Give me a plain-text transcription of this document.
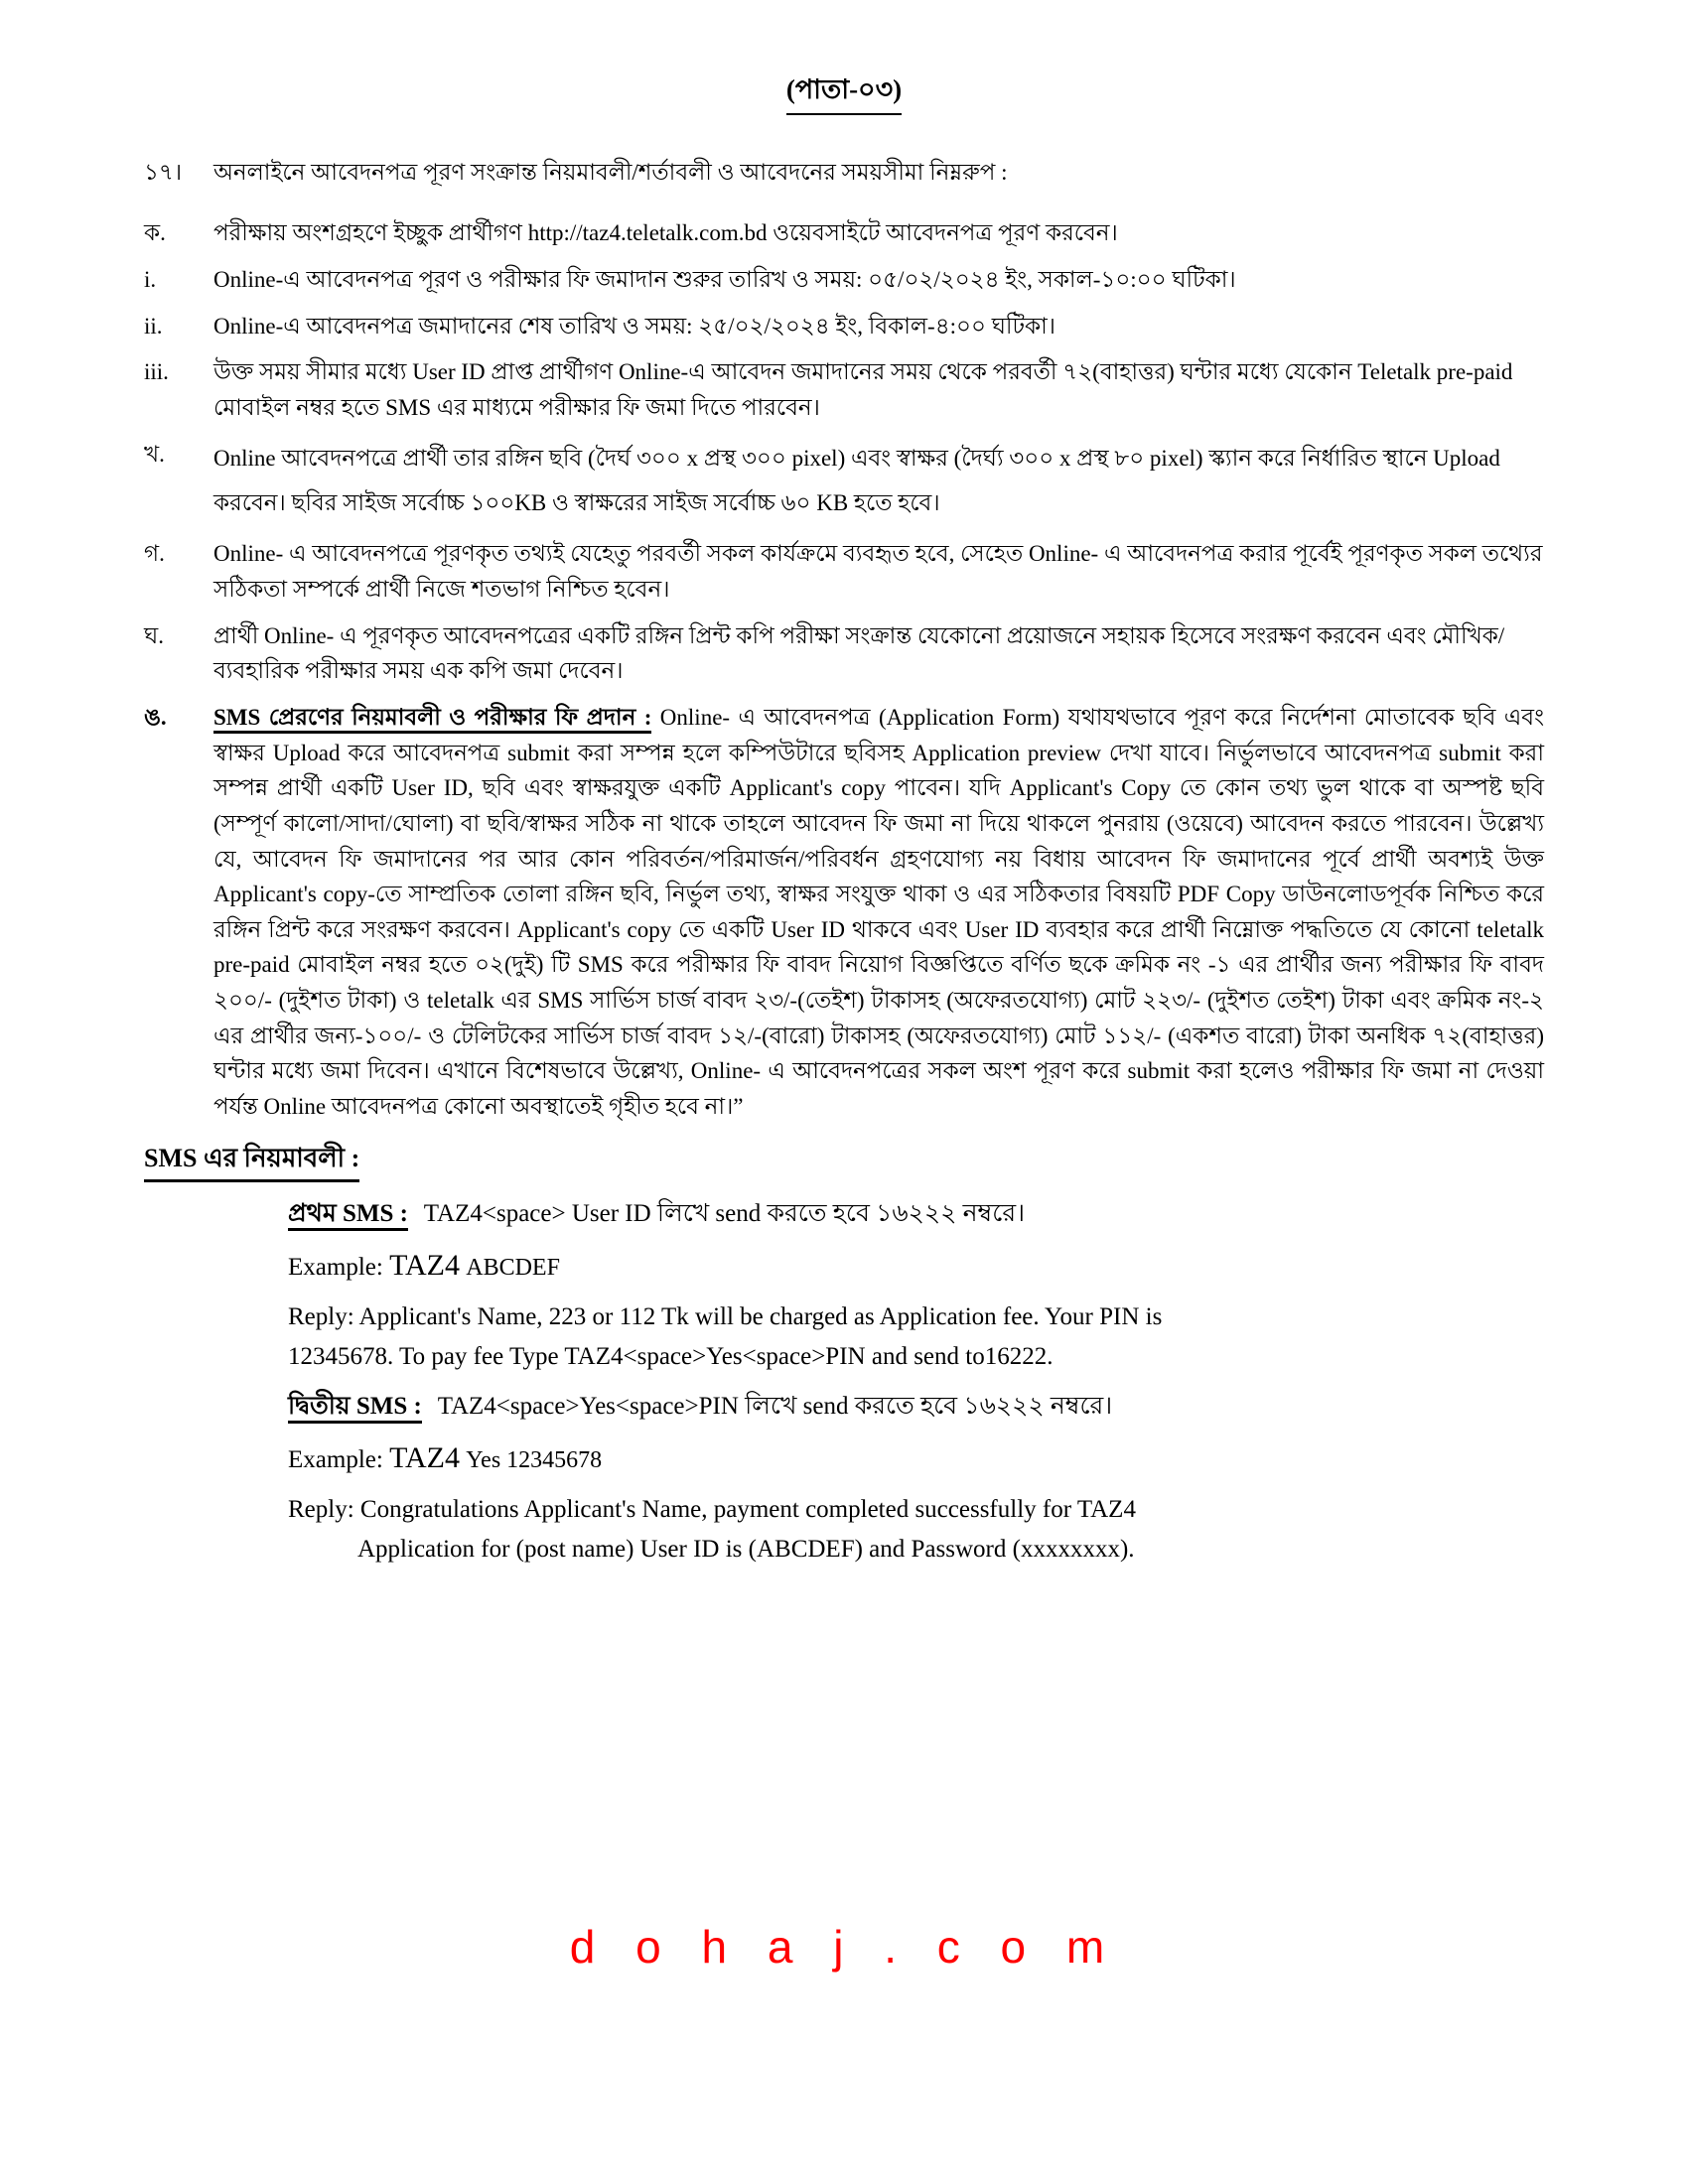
(পাতা-০৩)
১৭।	অনলাইনে আবেদনপত্র পূরণ সংক্রান্ত নিয়মাবলী/শর্তাবলী ও আবেদনের সময়সীমা নিম্নরুপ :
ক.	পরীক্ষায় অংশগ্রহণে ইচ্ছুক প্রার্থীগণ http://taz4.teletalk.com.bd ওয়েবসাইটে আবেদনপত্র পূরণ করবেন।
i.	Online-এ আবেদনপত্র পূরণ ও পরীক্ষার ফি জমাদান শুরুর তারিখ ও সময়: ০৫/০২/২০২৪ ইং, সকাল-১০:০০ ঘটিকা।
ii.	Online-এ আবেদনপত্র জমাদানের শেষ তারিখ ও সময়: ২৫/০২/২০২৪ ইং, বিকাল-৪:০০ ঘটিকা।
iii.	উক্ত সময় সীমার মধ্যে User ID প্রাপ্ত প্রার্থীগণ Online-এ আবেদন জমাদানের সময় থেকে পরবর্তী ৭২(বাহাত্তর) ঘন্টার মধ্যে যেকোন Teletalk pre-paid মোবাইল নম্বর হতে SMS এর মাধ্যমে পরীক্ষার ফি জমা দিতে পারবেন।
খ.	Online আবেদনপত্রে প্রার্থী তার রঙ্গিন ছবি (দৈর্ঘ ৩০০ x প্রস্থ ৩০০ pixel) এবং স্বাক্ষর (দৈর্ঘ্য ৩০০ x প্রস্থ ৮০ pixel) স্ক্যান করে নির্ধারিত স্থানে Upload করবেন। ছবির সাইজ সর্বোচ্চ ১০০KB ও স্বাক্ষরের সাইজ সর্বোচ্চ ৬০ KB হতে হবে।
গ.	Online- এ আবেদনপত্রে পূরণকৃত তথ্যই যেহেতু পরবর্তী সকল কার্যক্রমে ব্যবহৃত হবে, সেহেত Online- এ আবেদনপত্র করার পূর্বেই পূরণকৃত সকল তথ্যের সঠিকতা সম্পর্কে প্রার্থী নিজে শতভাগ নিশ্চিত হবেন।
ঘ.	প্রার্থী Online- এ পূরণকৃত আবেদনপত্রের একটি রঙ্গিন প্রিন্ট কপি পরীক্ষা সংক্রান্ত যেকোনো প্রয়োজনে সহায়ক হিসেবে সংরক্ষণ করবেন এবং মৌখিক/ব্যবহারিক পরীক্ষার সময় এক কপি জমা দেবেন।
ঙ.	SMS প্রেরণের নিয়মাবলী ও পরীক্ষার ফি প্রদান : Online- এ আবেদনপত্র (Application Form) যথাযথভাবে পূরণ করে নির্দেশনা মোতাবেক ছবি এবং স্বাক্ষর Upload করে আবেদনপত্র submit করা সম্পন্ন হলে কম্পিউটারে ছবিসহ Application preview দেখা যাবে। নির্ভুলভাবে আবেদনপত্র submit করা সম্পন্ন প্রার্থী একটি User ID, ছবি এবং স্বাক্ষরযুক্ত একটি Applicant's copy পাবেন। যদি Applicant's Copy তে কোন তথ্য ভুল থাকে বা অস্পষ্ট ছবি (সম্পূর্ণ কালো/সাদা/ঘোলা) বা ছবি/স্বাক্ষর সঠিক না থাকে তাহলে আবেদন ফি জমা না দিয়ে থাকলে পুনরায় (ওয়েবে) আবেদন করতে পারবেন। উল্লেখ্য যে, আবেদন ফি জমাদানের পর আর কোন পরিবর্তন/পরিমার্জন/পরিবর্ধন গ্রহণযোগ্য নয় বিধায় আবেদন ফি জমাদানের পূর্বে প্রার্থী অবশ্যই উক্ত Applicant's copy-তে সাম্প্রতিক তোলা রঙ্গিন ছবি, নির্ভুল তথ্য, স্বাক্ষর সংযুক্ত থাকা ও এর সঠিকতার বিষয়টি PDF Copy ডাউনলোডপূর্বক নিশ্চিত করে রঙ্গিন প্রিন্ট করে সংরক্ষণ করবেন। Applicant's copy তে একটি User ID থাকবে এবং User ID ব্যবহার করে প্রার্থী নিম্নোক্ত পদ্ধতিতে যে কোনো teletalk pre-paid মোবাইল নম্বর হতে ০২(দুই) টি SMS করে পরীক্ষার ফি বাবদ নিয়োগ বিজ্ঞপ্তিতে বর্ণিত ছকে ক্রমিক নং -১ এর প্রার্থীর জন্য পরীক্ষার ফি বাবদ ২০০/- (দুইশত টাকা) ও teletalk এর SMS সার্ভিস চার্জ বাবদ ২৩/-(তেইশ) টাকাসহ (অফেরতযোগ্য) মোট ২২৩/- (দুইশত তেইশ) টাকা এবং ক্রমিক নং-২ এর প্রার্থীর জন্য-১০০/- ও টেলিটকের সার্ভিস চার্জ বাবদ ১২/-(বারো) টাকাসহ (অফেরতযোগ্য) মোট ১১২/- (একশত বারো) টাকা অনধিক ৭২(বাহাত্তর) ঘন্টার মধ্যে জমা দিবেন। এখানে বিশেষভাবে উল্লেখ্য, Online- এ আবেদনপত্রের সকল অংশ পূরণ করে submit করা হলেও পরীক্ষার ফি জমা না দেওয়া পর্যন্ত Online আবেদনপত্র কোনো অবস্থাতেই গৃহীত হবে না।”
SMS এর নিয়মাবলী :
প্রথম SMS : TAZ4<space> User ID লিখে send করতে হবে ১৬২২২ নম্বরে।
Example: TAZ4 ABCDEF
Reply: Applicant's Name, 223 or 112 Tk will be charged as Application fee. Your PIN is 12345678. To pay fee Type TAZ4<space>Yes<space>PIN and send to16222.
দ্বিতীয় SMS : TAZ4<space>Yes<space>PIN লিখে send করতে হবে ১৬২২২ নম্বরে।
Example: TAZ4 Yes 12345678
Reply: Congratulations Applicant's Name, payment completed successfully for TAZ4
Application for (post name) User ID is (ABCDEF) and Password (xxxxxxxx).
d o h a j . c o m
